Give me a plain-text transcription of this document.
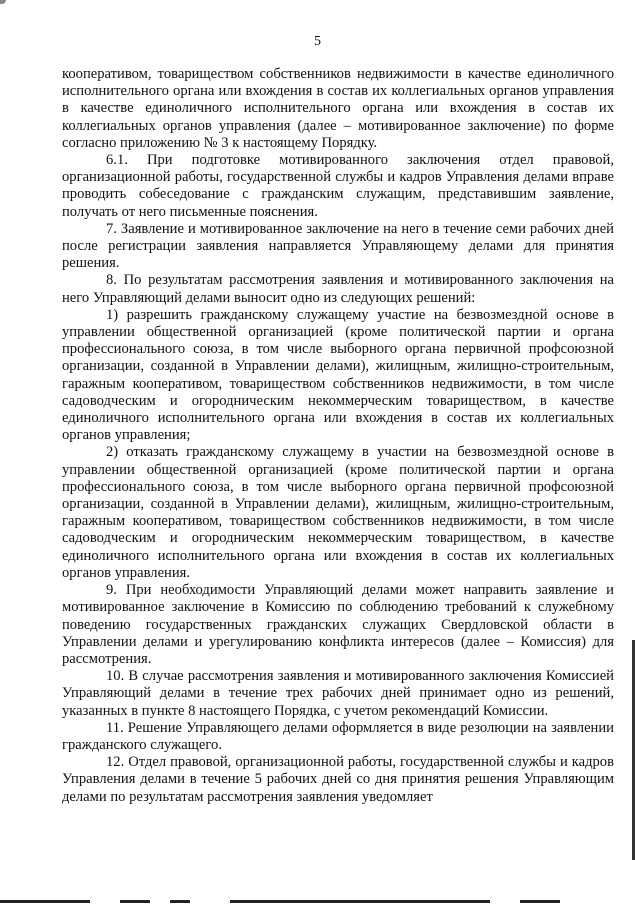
5

кооперативом, товариществом собственников недвижимости в качестве единоличного исполнительного органа или вхождения в состав их коллегиальных органов управления в качестве единоличного исполнительного органа или вхождения в состав их коллегиальных органов управления (далее – мотивированное заключение) по форме согласно приложению № 3 к настоящему Порядку.

6.1. При подготовке мотивированного заключения отдел правовой, организационной работы, государственной службы и кадров Управления делами вправе проводить собеседование с гражданским служащим, представившим заявление, получать от него письменные пояснения.

7. Заявление и мотивированное заключение на него в течение семи рабочих дней после регистрации заявления направляется Управляющему делами для принятия решения.

8. По результатам рассмотрения заявления и мотивированного заключения на него Управляющий делами выносит одно из следующих решений:

1) разрешить гражданскому служащему участие на безвозмездной основе в управлении общественной организацией (кроме политической партии и органа профессионального союза, в том числе выборного органа первичной профсоюзной организации, созданной в Управлении делами), жилищным, жилищно-строительным, гаражным кооперативом, товариществом собственников недвижимости, в том числе садоводческим и огородническим некоммерческим товариществом, в качестве единоличного исполнительного органа или вхождения в состав их коллегиальных органов управления;

2) отказать гражданскому служащему в участии на безвозмездной основе в управлении общественной организацией (кроме политической партии и органа профессионального союза, в том числе выборного органа первичной профсоюзной организации, созданной в Управлении делами), жилищным, жилищно-строительным, гаражным кооперативом, товариществом собственников недвижимости, в том числе садоводческим и огородническим некоммерческим товариществом, в качестве единоличного исполнительного органа или вхождения в состав их коллегиальных органов управления.

9. При необходимости Управляющий делами может направить заявление и мотивированное заключение в Комиссию по соблюдению требований к служебному поведению государственных гражданских служащих Свердловской области в Управлении делами и урегулированию конфликта интересов (далее – Комиссия) для рассмотрения.

10. В случае рассмотрения заявления и мотивированного заключения Комиссией Управляющий делами в течение трех рабочих дней принимает одно из решений, указанных в пункте 8 настоящего Порядка, с учетом рекомендаций Комиссии.

11. Решение Управляющего делами оформляется в виде резолюции на заявлении гражданского служащего.

12. Отдел правовой, организационной работы, государственной службы и кадров Управления делами в течение 5 рабочих дней со дня принятия решения Управляющим делами по результатам рассмотрения заявления уведомляет
